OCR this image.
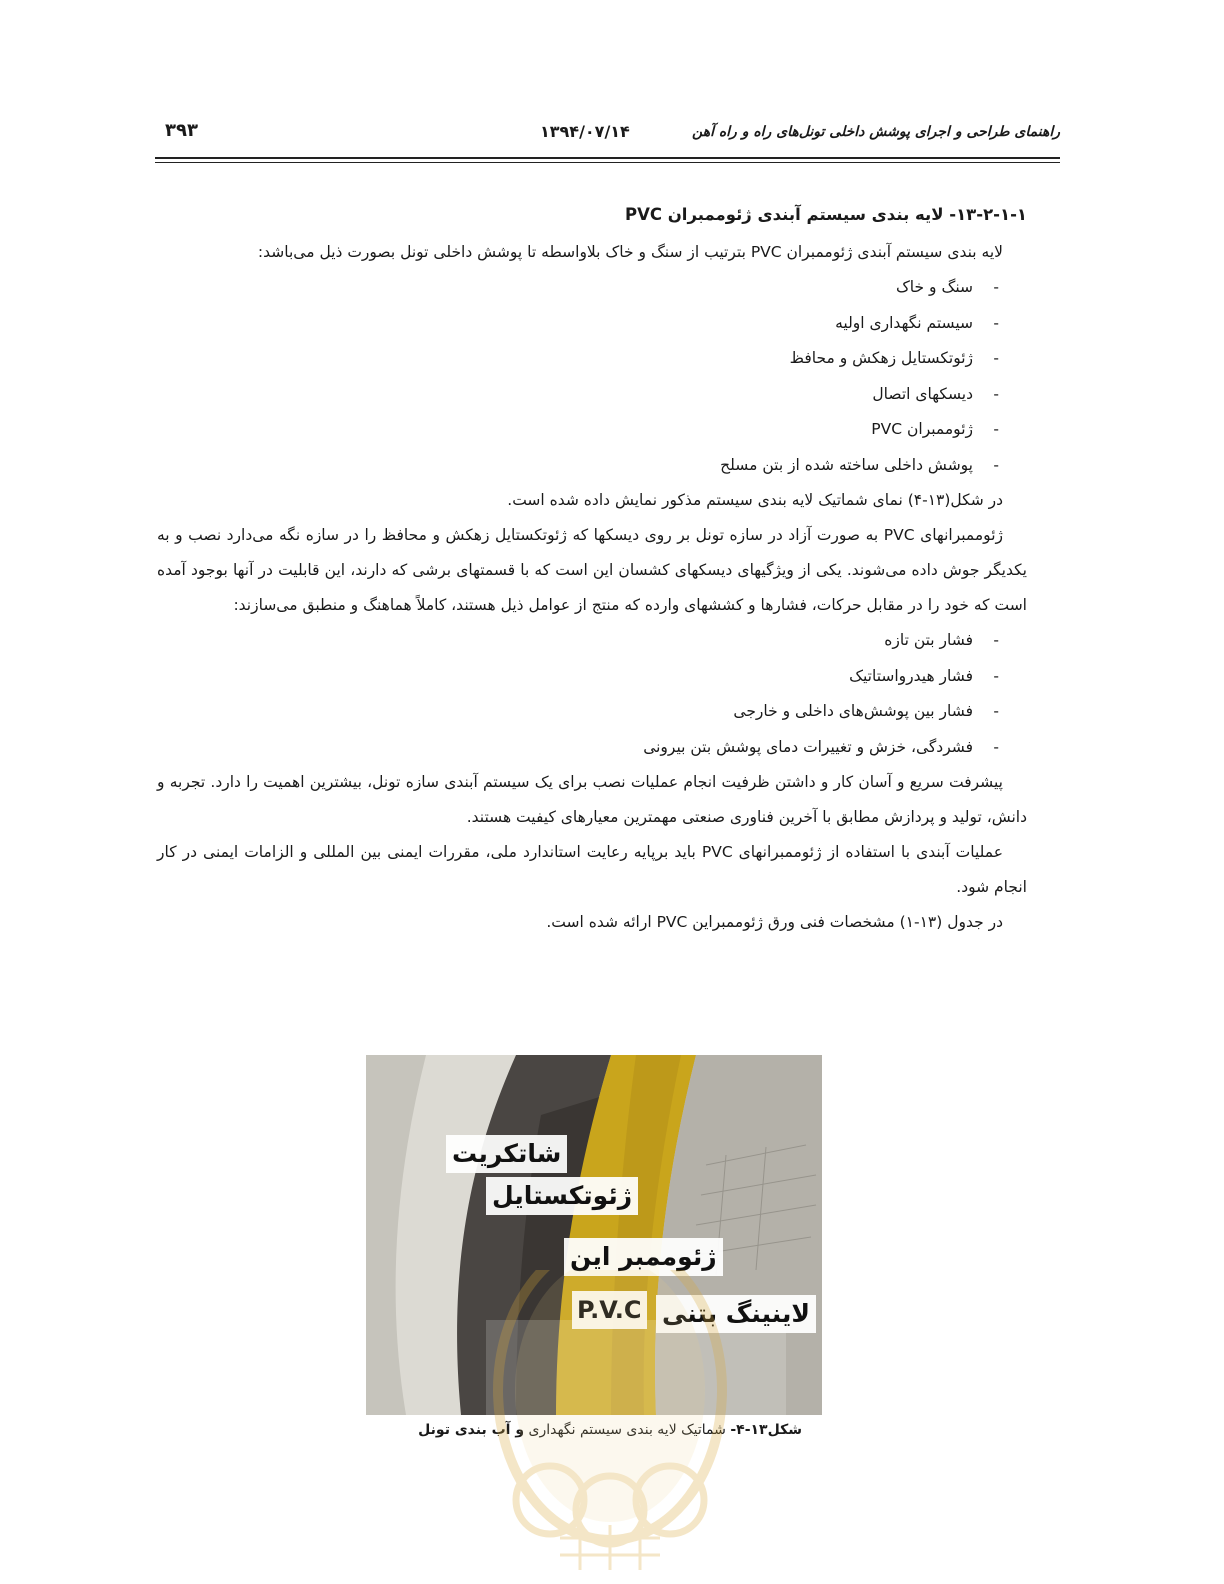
راهنمای طراحی و اجرای پوشش داخلی تونل‌های راه و راه آهن
۱۳۹۴/۰۷/۱۴
۳۹۳

۱۳-۲-۱-۱- لایه بندی سیستم آبندی ژئوممبران PVC

لایه بندی سیستم آبندی ژئوممبران PVC بترتیب از سنگ و خاک بلاواسطه تا پوشش داخلی تونل بصورت ذیل می‌باشد:

-
سنگ و خاک
-
سیستم نگهداری اولیه
-
ژئوتکستایل زهکش و محافظ
-
دیسکهای اتصال
-
ژئوممبران PVC
-
پوشش داخلی ساخته شده از بتن مسلح

در شکل(۱۳-۴) نمای شماتیک لایه بندی سیستم مذکور نمایش داده شده است.

ژئوممبرانهای PVC به صورت آزاد در سازه تونل بر روی دیسکها که ژئوتکستایل زهکش و محافظ را در سازه نگه می‌دارد نصب و به یکدیگر جوش داده می‌شوند. یکی از ویژگیهای دیسکهای کشسان این است که با قسمتهای برشی که دارند، این قابلیت در آنها بوجود آمده است که خود را در مقابل حرکات، فشارها و کششهای وارده که منتج از عوامل ذیل هستند، کاملاً هماهنگ و منطبق می‌سازند:

-
فشار بتن تازه
-
فشار هیدرواستاتیک
-
فشار بین پوشش‌های داخلی و خارجی
-
فشردگی، خزش و تغییرات دمای پوشش بتن بیرونی

پیشرفت سریع و آسان کار و داشتن ظرفیت انجام عملیات نصب برای یک سیستم آبندی سازه تونل، بیشترین اهمیت را دارد. تجربه و دانش، تولید و پردازش مطابق با آخرین فناوری صنعتی مهمترین معیارهای کیفیت هستند.

عملیات آبندی با استفاده از ژئوممبرانهای PVC باید برپایه رعایت استاندارد ملی، مقررات ایمنی بین المللی و الزامات ایمنی در کار انجام شود.

در جدول (۱۳-۱) مشخصات فنی ورق ژئوممبراین PVC ارائه شده است.

شاتکریت
ژئوتکستایل
ژئوممبر این
P.V.C لاینینگ بتنی
شکل۱۳-۴- شماتیک لایه بندی سیستم نگهداری و آب بندی تونل
